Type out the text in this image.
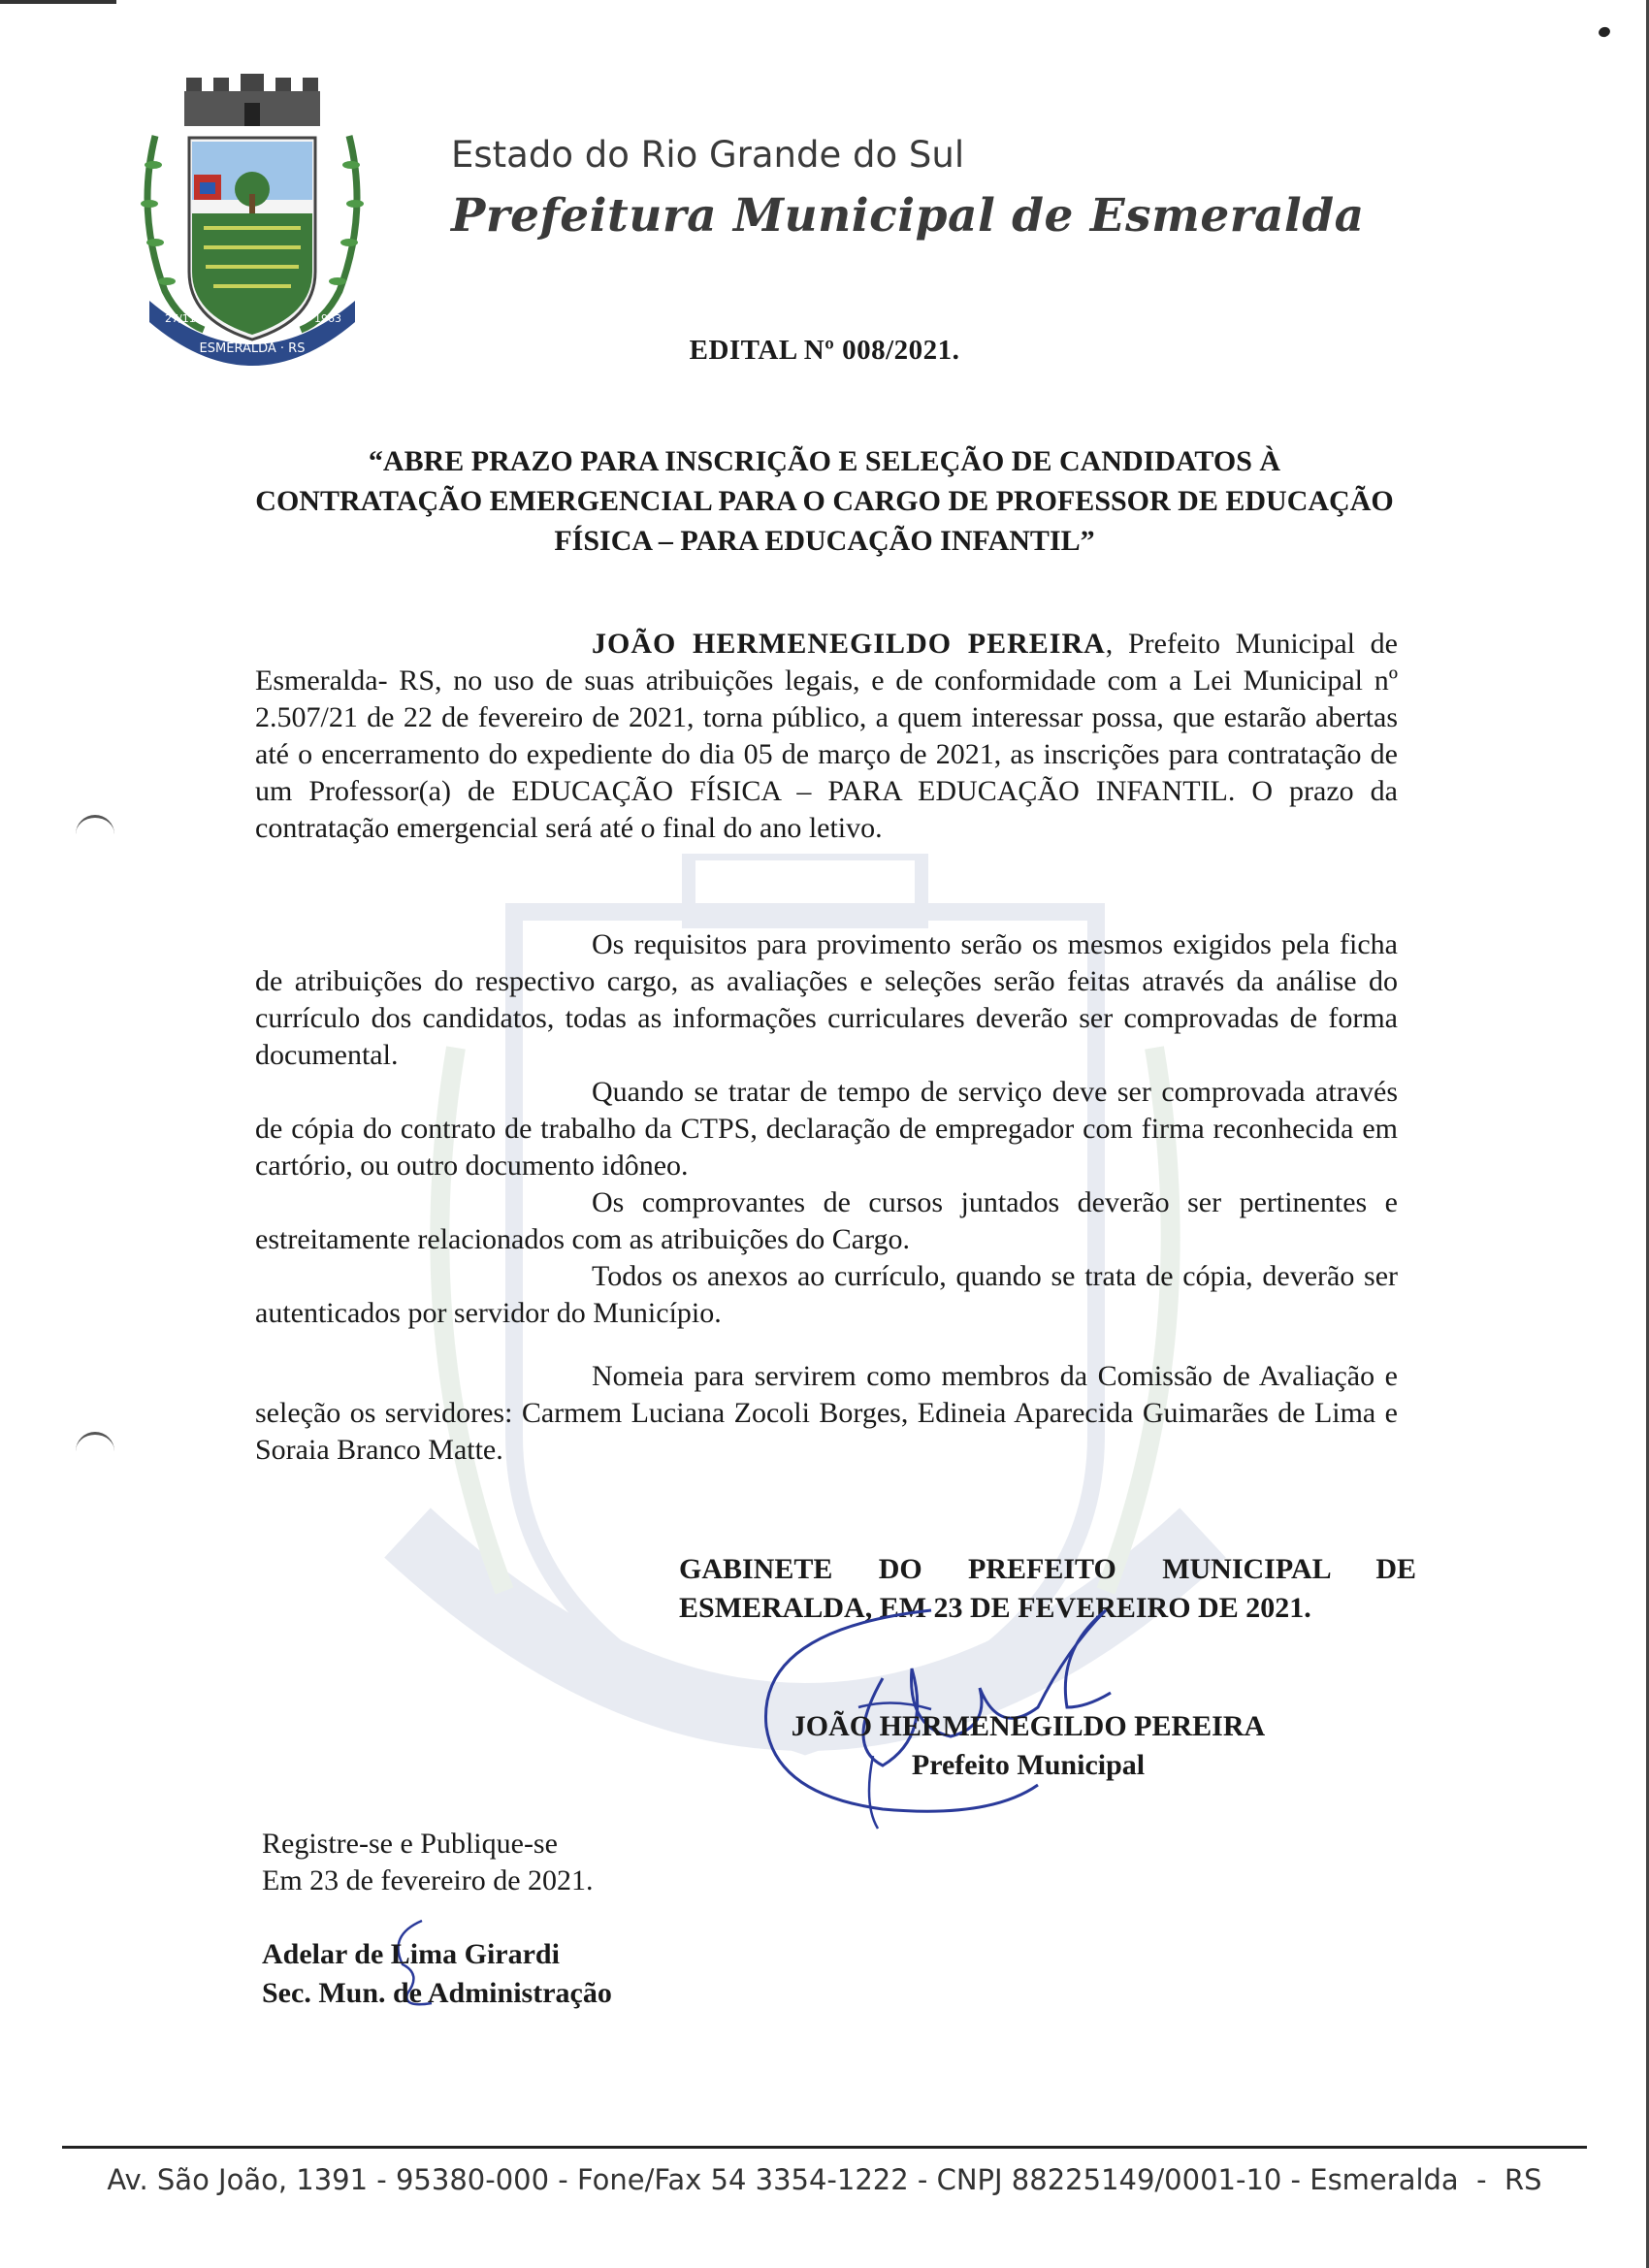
ESMERALDA · RS
27/11	1963
Estado do Rio Grande do Sul
Prefeitura Municipal de Esmeralda
EDITAL Nº 008/2021.
“ABRE PRAZO PARA INSCRIÇÃO E SELEÇÃO DE CANDIDATOS À CONTRATAÇÃO EMERGENCIAL PARA O CARGO DE PROFESSOR DE EDUCAÇÃO FÍSICA – PARA EDUCAÇÃO INFANTIL”

JOÃO HERMENEGILDO PEREIRA, Prefeito Municipal de Esmeralda- RS, no uso de suas atribuições legais, e de conformidade com a Lei Municipal nº 2.507/21 de 22 de fevereiro de 2021, torna público, a quem interessar possa, que estarão abertas até o encerramento do expediente do dia 05 de março de 2021, as inscrições para contratação de um Professor(a) de EDUCAÇÃO FÍSICA – PARA EDUCAÇÃO INFANTIL. O prazo da contratação emergencial será até o final do ano letivo.

Os requisitos para provimento serão os mesmos exigidos pela ficha de atribuições do respectivo cargo, as avaliações e seleções serão feitas através da análise do currículo dos candidatos, todas as informações curriculares deverão ser comprovadas de forma documental.

Quando se tratar de tempo de serviço deve ser comprovada através de cópia do contrato de trabalho da CTPS, declaração de empregador com firma reconhecida em cartório, ou outro documento idôneo.

Os comprovantes de cursos juntados deverão ser pertinentes e estreitamente relacionados com as atribuições do Cargo.

Todos os anexos ao currículo, quando se trata de cópia, deverão ser autenticados por servidor do Município.

Nomeia para servirem como membros da Comissão de Avaliação e seleção os servidores: Carmem Luciana Zocoli Borges, Edineia Aparecida Guimarães de Lima e Soraia Branco Matte.

GABINETE DO PREFEITO MUNICIPAL DE
ESMERALDA, EM 23 DE FEVEREIRO DE 2021.
JOÃO HERMENEGILDO PEREIRA
Prefeito Municipal
Registre-se e Publique-se
Em 23 de fevereiro de 2021.
Adelar de Lima Girardi
Sec. Mun. de Administração
Av. São João, 1391 - 95380-000 - Fone/Fax 54 3354-1222 - CNPJ 88225149/0001-10 - Esmeralda  -  RS
